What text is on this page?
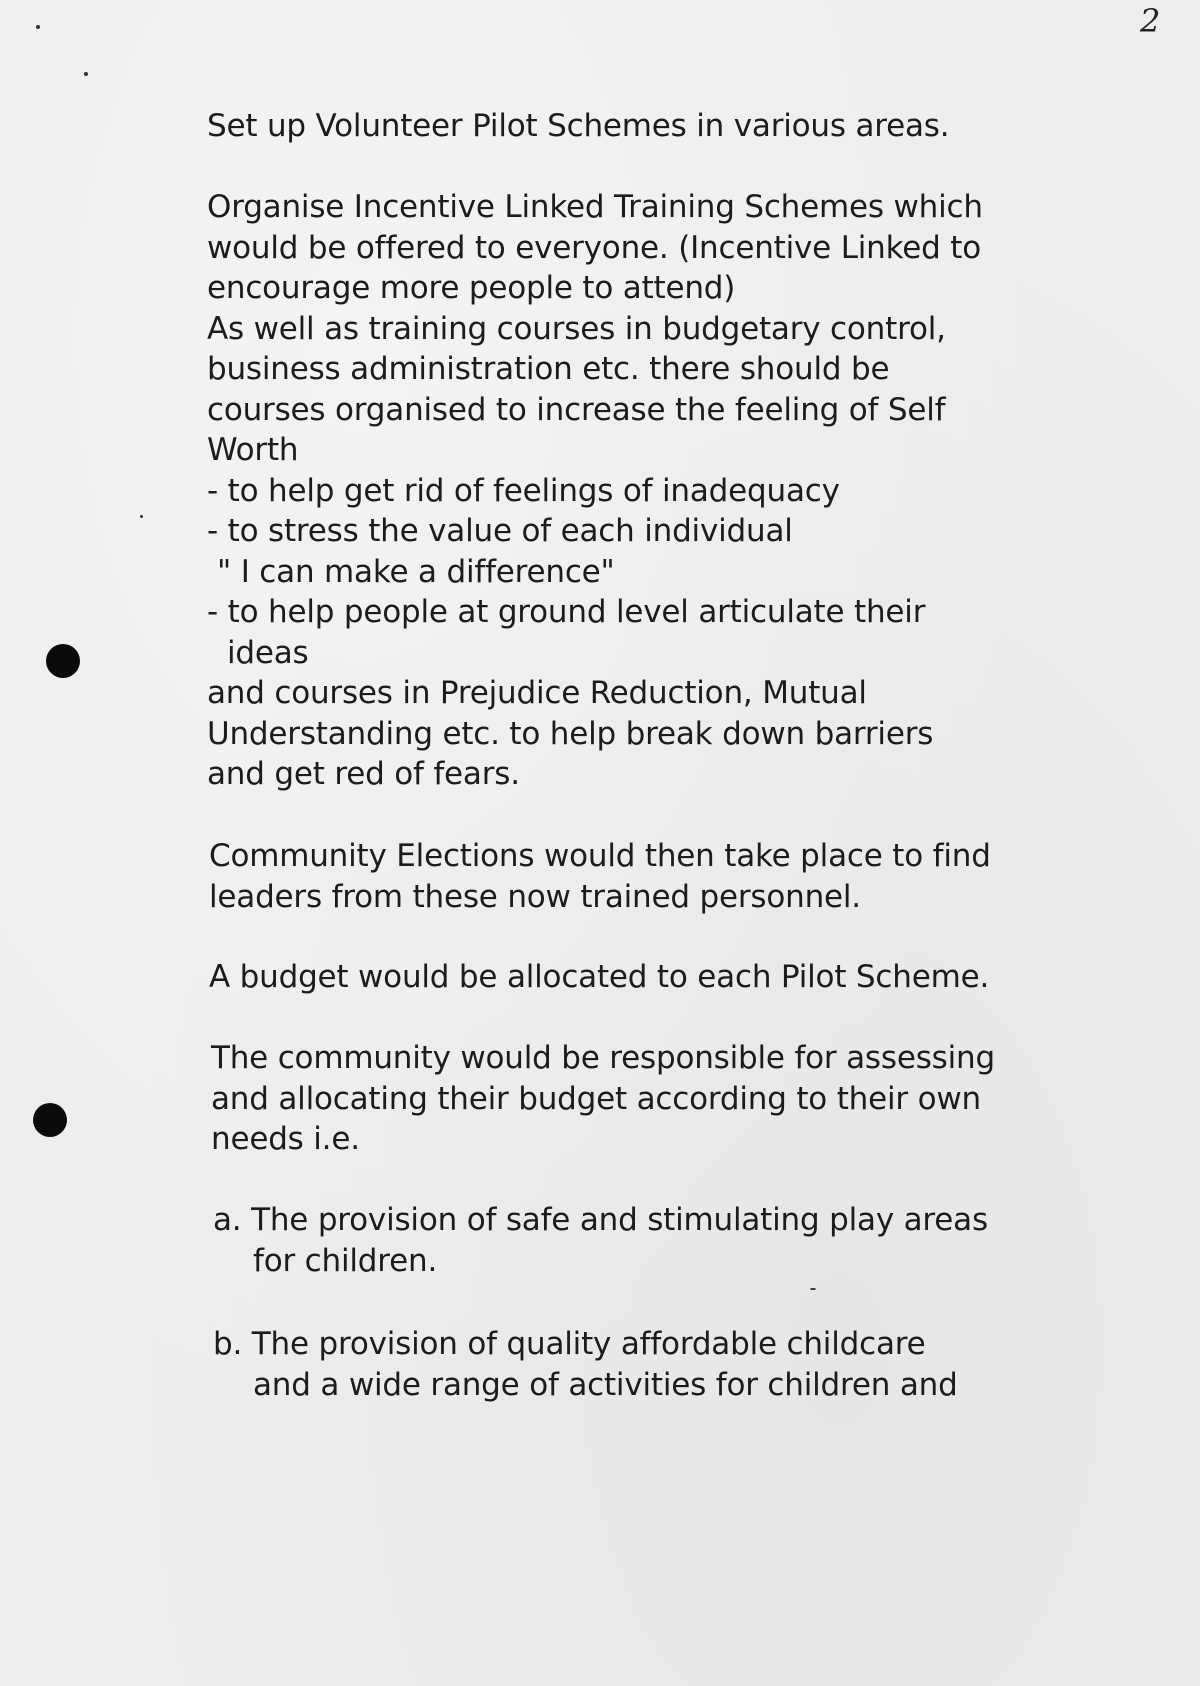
2

Set up Volunteer Pilot Schemes in various areas.

Organise Incentive Linked Training Schemes which
would be offered to everyone. (Incentive Linked to
encourage more people to attend)
As well as training courses in budgetary control,
business administration etc. there should be
courses organised to increase the feeling of Self
Worth
- to help get rid of feelings of inadequacy
- to stress the value of each individual
" I can make a difference"
- to help people at ground level articulate their
ideas
and courses in Prejudice Reduction, Mutual
Understanding etc. to help break down barriers
and get red of fears.
Community Elections would then take place to find
leaders from these now trained personnel.

A budget would be allocated to each Pilot Scheme.

The community would be responsible for assessing
and allocating their budget according to their own
needs i.e.
a. The provision of safe and stimulating play areas
for children.
b. The provision of quality affordable childcare
and a wide range of activities for children and
